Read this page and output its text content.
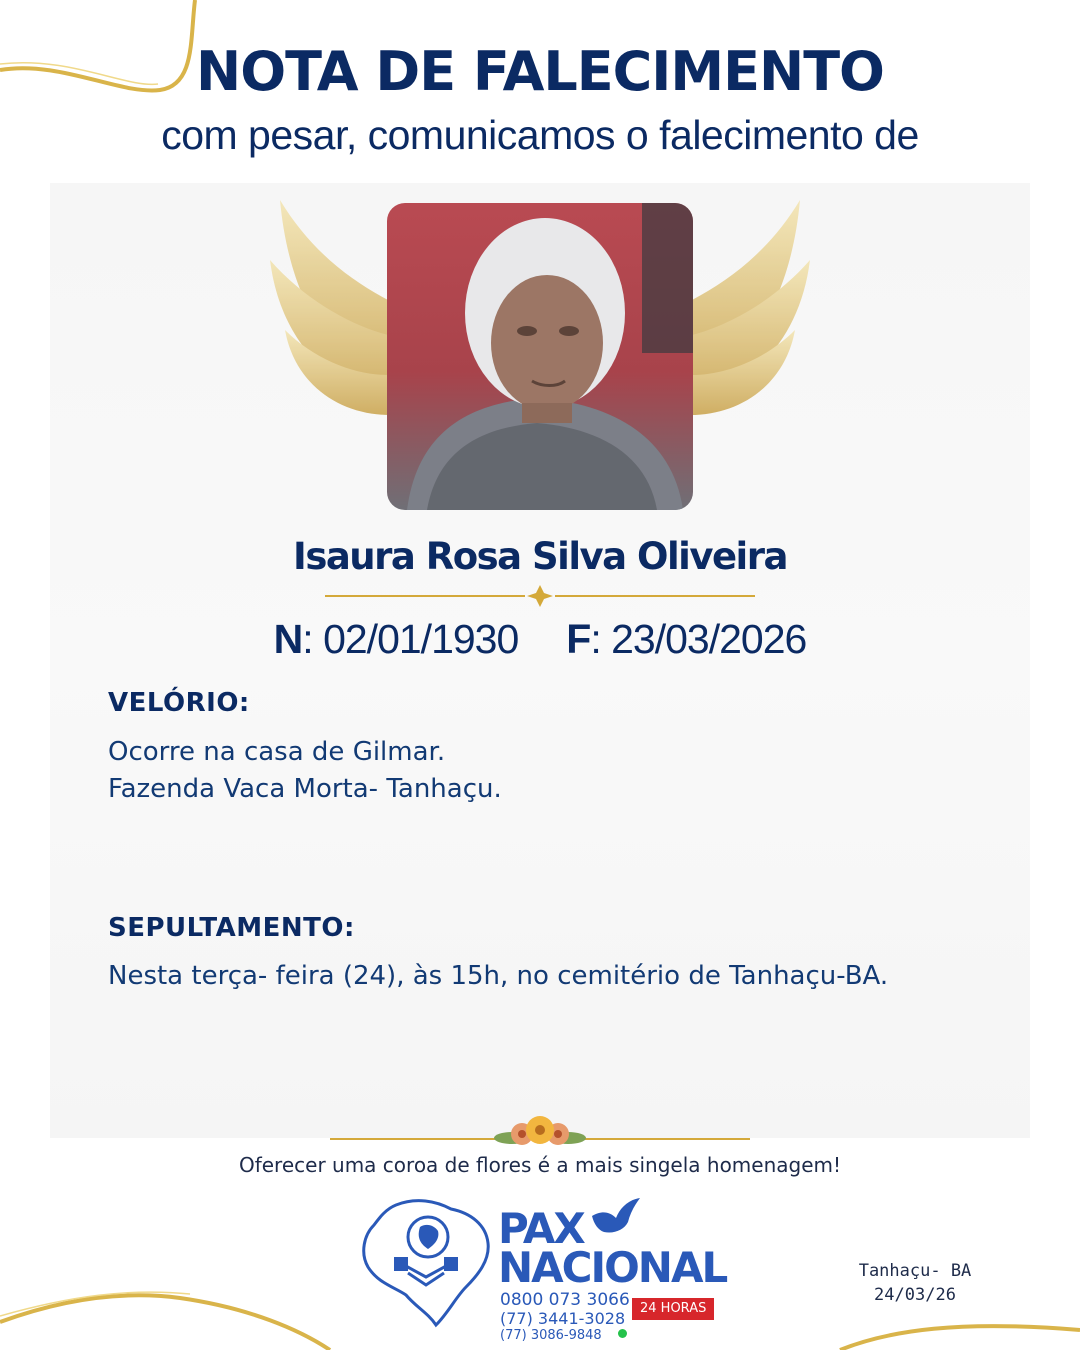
NOTA DE FALECIMENTO
com pesar, comunicamos o falecimento de
Isaura Rosa Silva Oliveira
N: 02/01/1930 F: 23/03/2026
VELÓRIO:
Ocorre na casa de Gilmar.
Fazenda Vaca Morta- Tanhaçu.
SEPULTAMENTO:
Nesta terça- feira (24), às 15h, no cemitério de Tanhaçu-BA.
Oferecer uma coroa de flores é a mais singela homenagem!
PAX
NACIONAL
0800 073 3066 24 HORAS
(77) 3441-3028
(77) 3086-9848
Tanhaçu- BA
24/03/26
